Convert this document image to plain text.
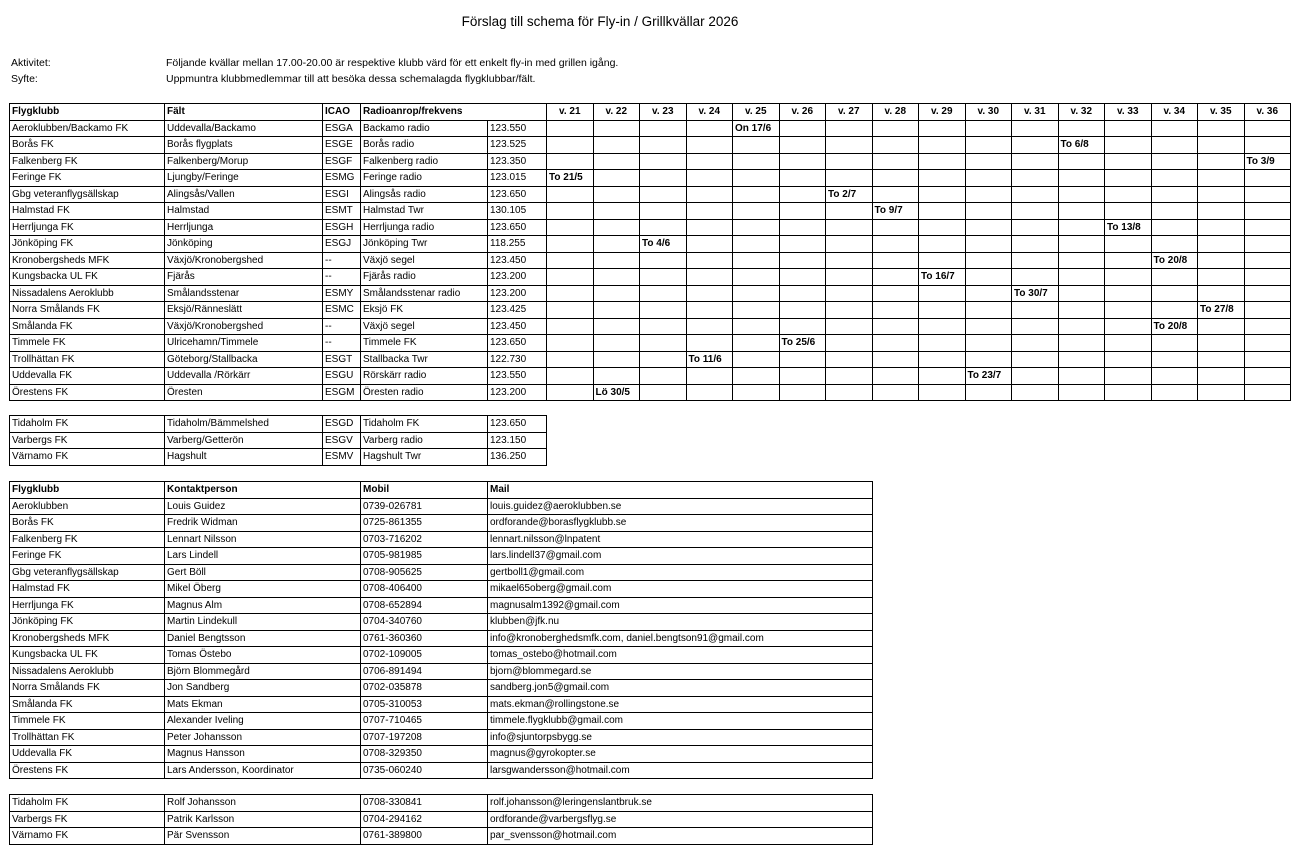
Förslag till schema för Fly-in / Grillkvällar 2026
Aktivitet:	Följande kvällar mellan 17.00-20.00 är respektive klubb värd för ett enkelt fly-in med grillen igång.
Syfte:	Uppmuntra klubbmedlemmar till att besöka dessa schemalagda flygklubbar/fält.
Flygklubb	Fält	ICAO	Radioanrop/frekvens		v. 21	v. 22	v. 23	v. 24	v. 25	v. 26	v. 27	v. 28	v. 29	v. 30	v. 31	v. 32	v. 33	v. 34	v. 35	v. 36
Aeroklubben/Backamo FK	Uddevalla/Backamo	ESGA	Backamo radio	123.550					On 17/6											
Borås FK	Borås flygplats	ESGE	Borås radio	123.525												To 6/8				
Falkenberg FK	Falkenberg/Morup	ESGF	Falkenberg radio	123.350																To 3/9
Feringe FK	Ljungby/Feringe	ESMG	Feringe radio	123.015	To 21/5															
Gbg veteranflygsällskap	Alingsås/Vallen	ESGI	Alingsås radio	123.650							To 2/7									
Halmstad FK	Halmstad	ESMT	Halmstad Twr	130.105								To 9/7								
Herrljunga FK	Herrljunga	ESGH	Herrljunga radio	123.650													To 13/8			
Jönköping FK	Jönköping	ESGJ	Jönköping Twr	118.255			To 4/6													
Kronobergsheds MFK	Växjö/Kronobergshed	--	Växjö segel	123.450														To 20/8		
Kungsbacka UL FK	Fjärås	--	Fjärås radio	123.200									To 16/7							
Nissadalens Aeroklubb	Smålandsstenar	ESMY	Smålandsstenar radio	123.200											To 30/7					
Norra Smålands FK	Eksjö/Ränneslätt	ESMC	Eksjö FK	123.425															To 27/8	
Smålanda FK	Växjö/Kronobergshed	--	Växjö segel	123.450														To 20/8		
Timmele FK	Ulricehamn/Timmele	--	Timmele FK	123.650						To 25/6										
Trollhättan FK	Göteborg/Stallbacka	ESGT	Stallbacka Twr	122.730				To 11/6												
Uddevalla FK	Uddevalla /Rörkärr	ESGU	Rörskärr radio	123.550										To 23/7						
Örestens FK	Öresten	ESGM	Öresten radio	123.200		Lö 30/5														
Tidaholm FK	Tidaholm/Bämmelshed	ESGD	Tidaholm FK	123.650
Varbergs FK	Varberg/Getterön	ESGV	Varberg radio	123.150
Värnamo FK	Hagshult	ESMV	Hagshult Twr	136.250
Flygklubb	Kontaktperson	Mobil	Mail
Aeroklubben	Louis Guidez	0739-026781	louis.guidez@aeroklubben.se
Borås FK	Fredrik Widman	0725-861355	ordforande@borasflygklubb.se
Falkenberg FK	Lennart Nilsson	0703-716202	lennart.nilsson@lnpatent
Feringe FK	Lars Lindell	0705-981985	lars.lindell37@gmail.com
Gbg veteranflygsällskap	Gert Böll	0708-905625	gertboll1@gmail.com
Halmstad FK	Mikel Öberg	0708-406400	mikael65oberg@gmail.com
Herrljunga FK	Magnus Alm	0708-652894	magnusalm1392@gmail.com
Jönköping FK	Martin Lindekull	0704-340760	klubben@jfk.nu
Kronobergsheds MFK	Daniel Bengtsson	0761-360360	info@kronoberghedsmfk.com, daniel.bengtson91@gmail.com
Kungsbacka UL FK	Tomas Östebo	0702-109005	tomas_ostebo@hotmail.com
Nissadalens Aeroklubb	Björn Blommegård	0706-891494	bjorn@blommegard.se
Norra Smålands FK	Jon Sandberg	0702-035878	sandberg.jon5@gmail.com
Smålanda FK	Mats Ekman	0705-310053	mats.ekman@rollingstone.se
Timmele FK	Alexander Iveling	0707-710465	timmele.flygklubb@gmail.com
Trollhättan FK	Peter Johansson	0707-197208	info@sjuntorpsbygg.se
Uddevalla FK	Magnus Hansson	0708-329350	magnus@gyrokopter.se
Örestens FK	Lars Andersson, Koordinator	0735-060240	larsgwandersson@hotmail.com
Tidaholm FK	Rolf Johansson	0708-330841	rolf.johansson@leringenslantbruk.se
Varbergs FK	Patrik Karlsson	0704-294162	ordforande@varbergsflyg.se
Värnamo FK	Pär Svensson	0761-389800	par_svensson@hotmail.com
